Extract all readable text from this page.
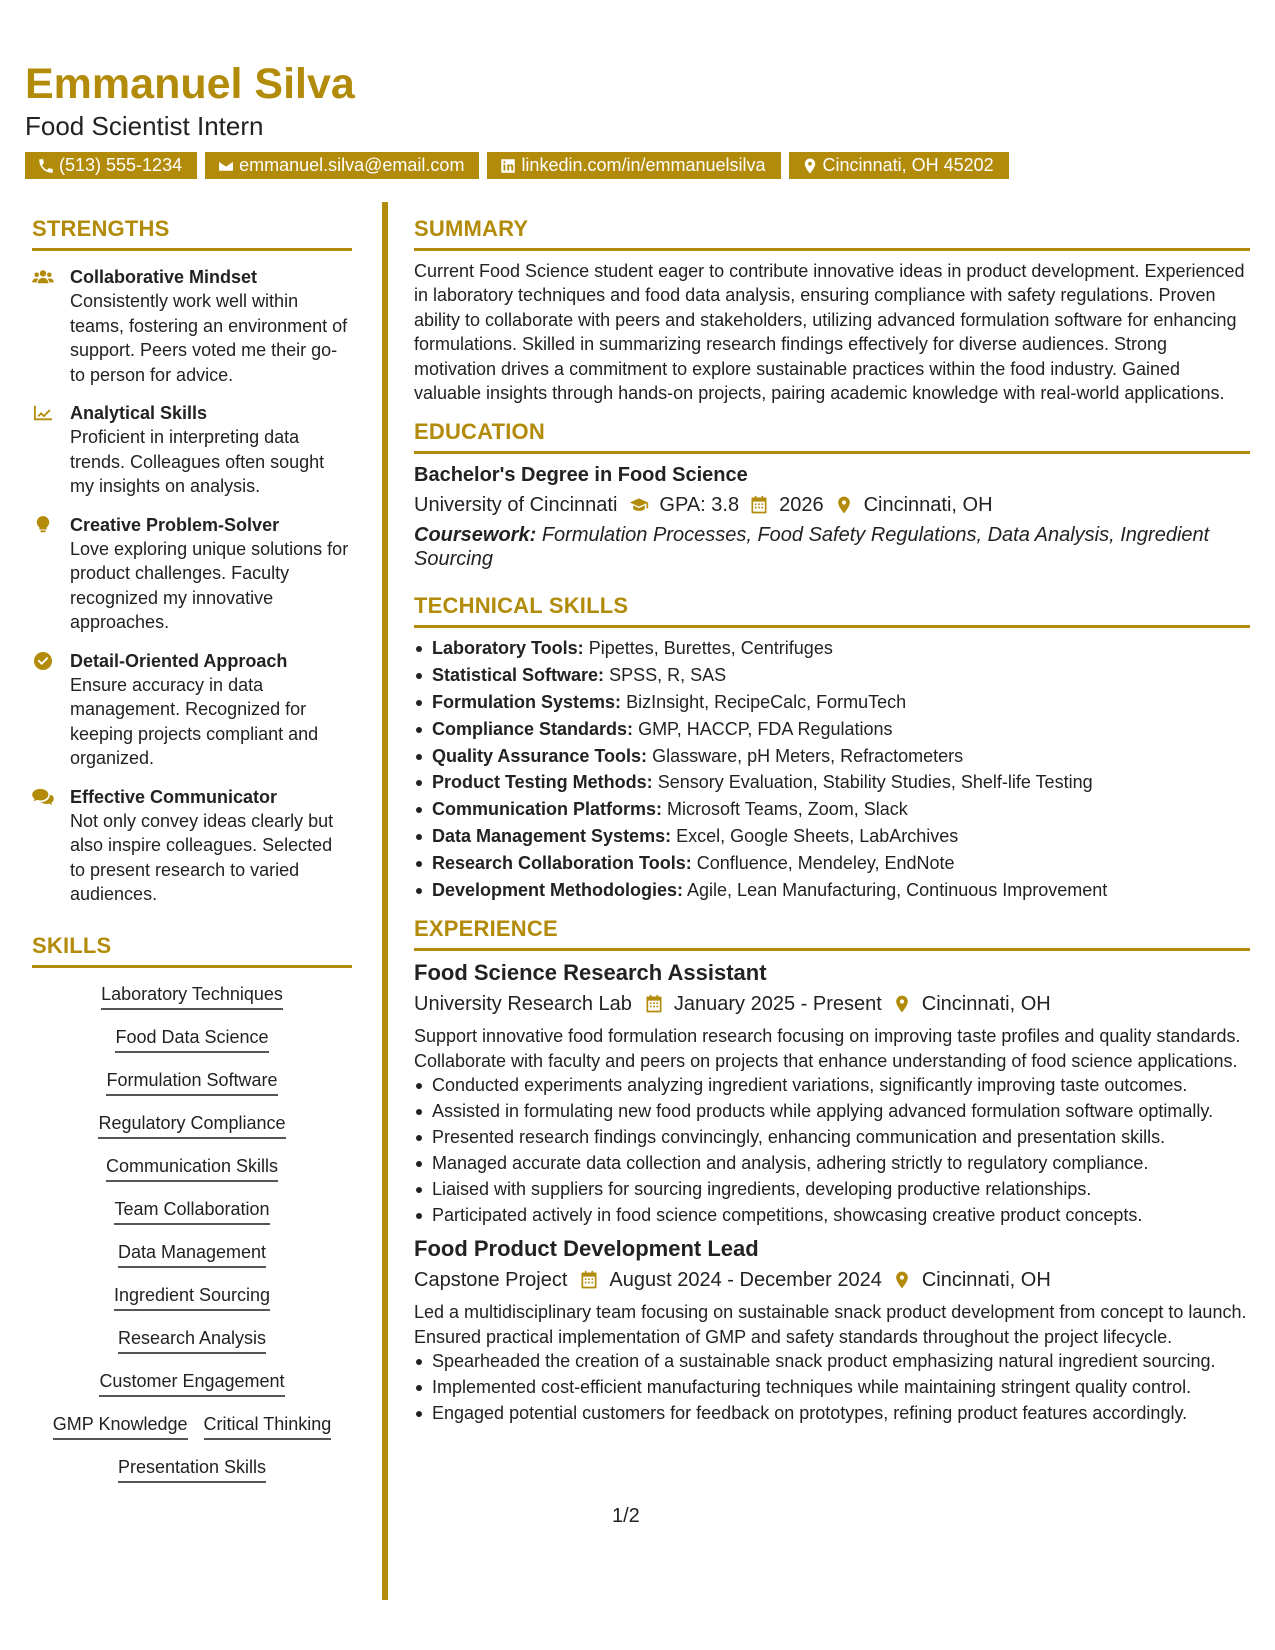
Emmanuel Silva
Food Scientist Intern
(513) 555-1234	emmanuel.silva@email.com	linkedin.com/in/emmanuelsilva	Cincinnati, OH 45202
STRENGTHS
Collaborative Mindset
Consistently work well within teams, fostering an environment of support. Peers voted me their go-to person for advice.
Analytical Skills
Proficient in interpreting data trends. Colleagues often sought my insights on analysis.
Creative Problem-Solver
Love exploring unique solutions for product challenges. Faculty recognized my innovative approaches.
Detail-Oriented Approach
Ensure accuracy in data management. Recognized for keeping projects compliant and organized.
Effective Communicator
Not only convey ideas clearly but also inspire colleagues. Selected to present research to varied audiences.
SKILLS
Laboratory Techniques
Food Data Science
Formulation Software
Regulatory Compliance
Communication Skills
Team Collaboration
Data Management
Ingredient Sourcing
Research Analysis
Customer Engagement
GMP Knowledge Critical Thinking
Presentation Skills
SUMMARY
Current Food Science student eager to contribute innovative ideas in product development. Experienced in laboratory techniques and food data analysis, ensuring compliance with safety regulations. Proven ability to collaborate with peers and stakeholders, utilizing advanced formulation software for enhancing formulations. Skilled in summarizing research findings effectively for diverse audiences. Strong motivation drives a commitment to explore sustainable practices within the food industry. Gained valuable insights through hands-on projects, pairing academic knowledge with real-world applications.
EDUCATION
Bachelor's Degree in Food Science
University of Cincinnati GPA: 3.8 2026 Cincinnati, OH
Coursework: Formulation Processes, Food Safety Regulations, Data Analysis, Ingredient Sourcing
TECHNICAL SKILLS
Laboratory Tools: Pipettes, Burettes, Centrifuges
Statistical Software: SPSS, R, SAS
Formulation Systems: BizInsight, RecipeCalc, FormuTech
Compliance Standards: GMP, HACCP, FDA Regulations
Quality Assurance Tools: Glassware, pH Meters, Refractometers
Product Testing Methods: Sensory Evaluation, Stability Studies, Shelf-life Testing
Communication Platforms: Microsoft Teams, Zoom, Slack
Data Management Systems: Excel, Google Sheets, LabArchives
Research Collaboration Tools: Confluence, Mendeley, EndNote
Development Methodologies: Agile, Lean Manufacturing, Continuous Improvement
EXPERIENCE
Food Science Research Assistant
University Research Lab January 2025 - Present Cincinnati, OH
Support innovative food formulation research focusing on improving taste profiles and quality standards. Collaborate with faculty and peers on projects that enhance understanding of food science applications.
Conducted experiments analyzing ingredient variations, significantly improving taste outcomes.
Assisted in formulating new food products while applying advanced formulation software optimally.
Presented research findings convincingly, enhancing communication and presentation skills.
Managed accurate data collection and analysis, adhering strictly to regulatory compliance.
Liaised with suppliers for sourcing ingredients, developing productive relationships.
Participated actively in food science competitions, showcasing creative product concepts.
Food Product Development Lead
Capstone Project August 2024 - December 2024 Cincinnati, OH
Led a multidisciplinary team focusing on sustainable snack product development from concept to launch. Ensured practical implementation of GMP and safety standards throughout the project lifecycle.
Spearheaded the creation of a sustainable snack product emphasizing natural ingredient sourcing.
Implemented cost-efficient manufacturing techniques while maintaining stringent quality control.
Engaged potential customers for feedback on prototypes, refining product features accordingly.
1/2
